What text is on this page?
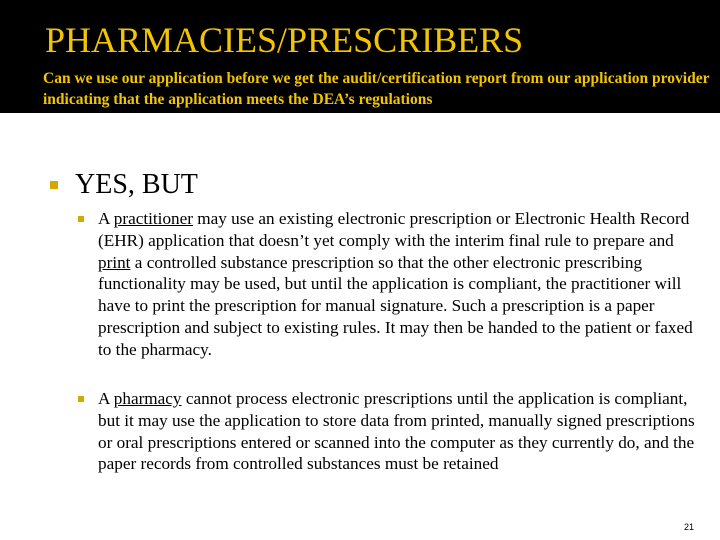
PHARMACIES/PRESCRIBERS
Can we use our application before we get the audit/certification report from our application provider indicating that the application meets the DEA’s regulations
YES, BUT
A practitioner may use an existing electronic prescription or Electronic Health Record (EHR) application that doesn’t yet comply with the interim final rule to prepare and print a controlled substance prescription so that the other electronic prescribing functionality may be used, but until the application is compliant, the practitioner will have to print the prescription for manual signature. Such a prescription is a paper prescription and subject to existing rules. It may then be handed to the patient or faxed to the pharmacy.
A pharmacy cannot process electronic prescriptions until the application is compliant, but it may use the application to store data from printed, manually signed prescriptions or oral prescriptions entered or scanned into the computer as they currently do, and the paper records from controlled substances must be retained
21
